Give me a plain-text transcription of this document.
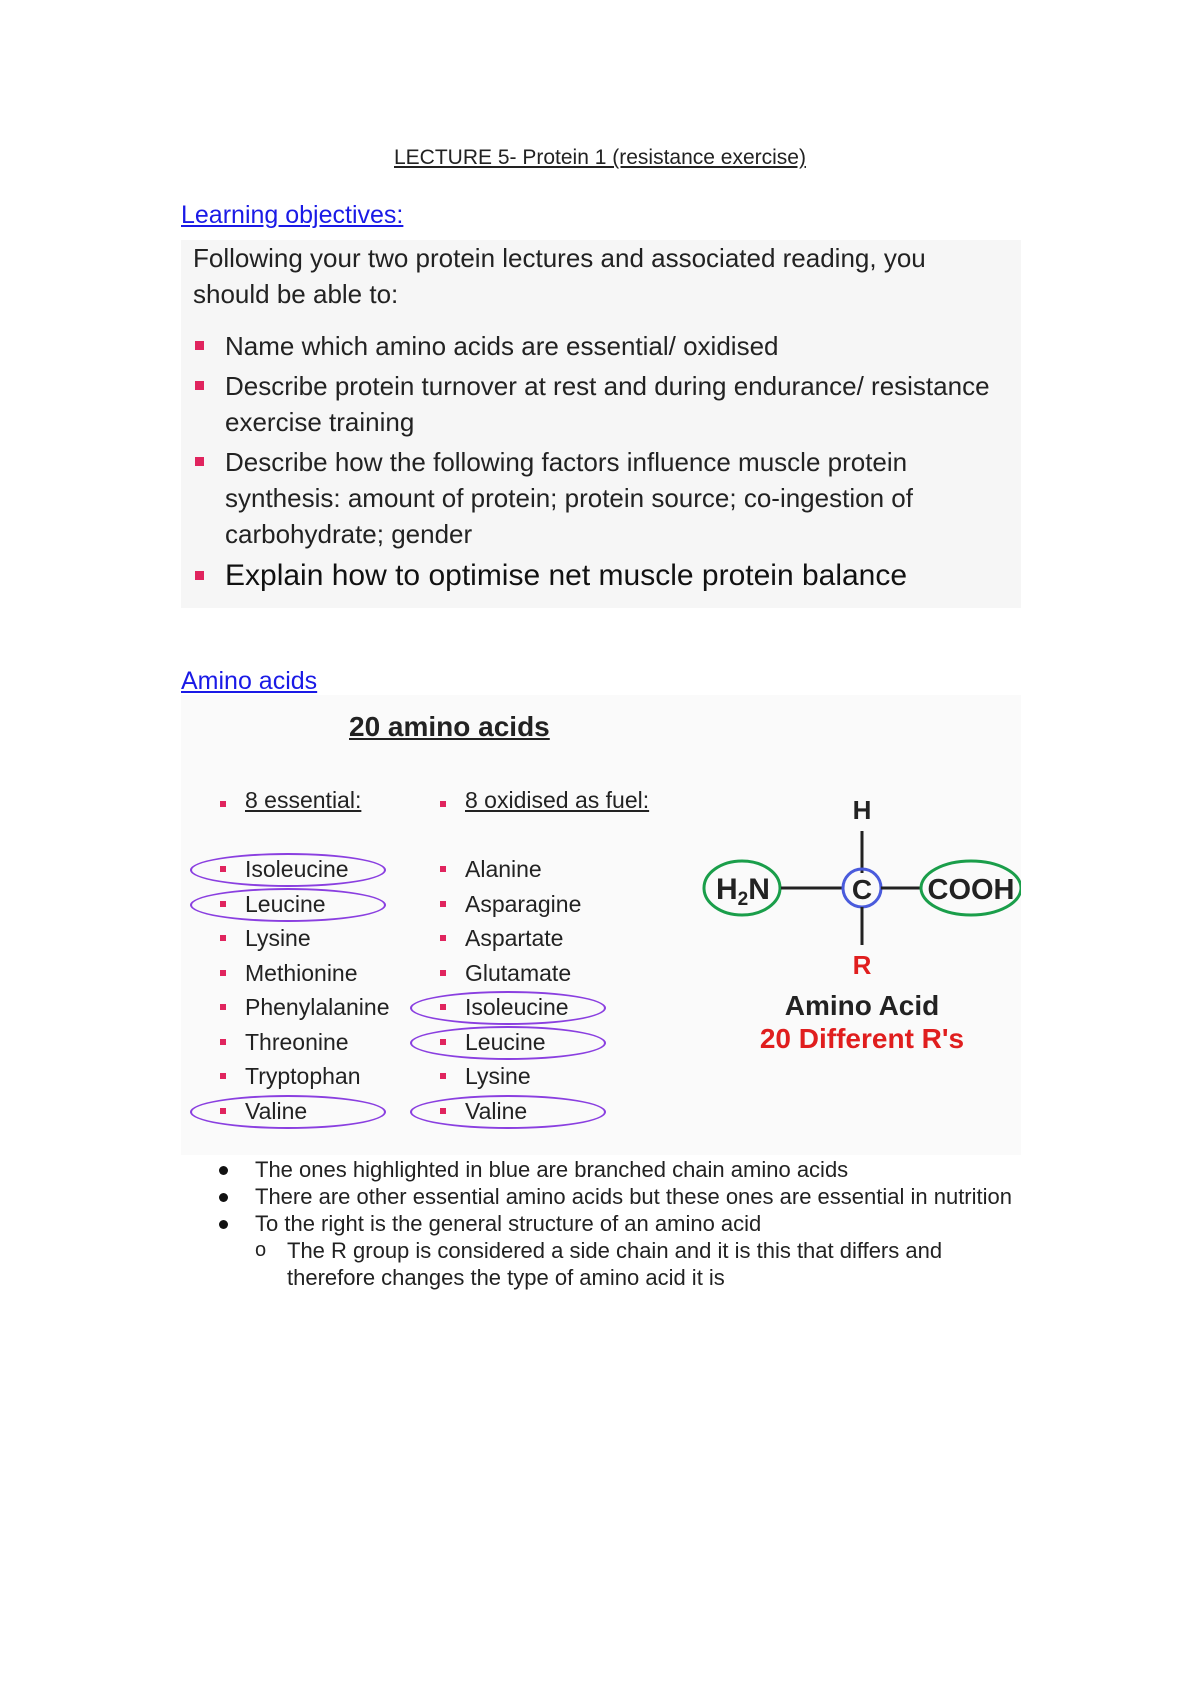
LECTURE 5- Protein 1 (resistance exercise)
Learning objectives:
Following your two protein lectures and associated reading, you should be able to:
Name which amino acids are essential/ oxidised
Describe protein turnover at rest and during endurance/ resistance exercise training
Describe how the following factors influence muscle protein synthesis: amount of protein; protein source; co-ingestion of carbohydrate; gender
Explain how to optimise net muscle protein balance
Amino acids
20 amino acids
8 essential:	8 oxidised as fuel:
Isoleucine
Leucine
Lysine
Methionine
Phenylalanine
Threonine
Tryptophan
Valine
Alanine
Asparagine
Aspartate
Glutamate
Isoleucine
Leucine
Lysine
Valine
H
$H_2N$	C COOH
R
Amino Acid
20 Different R's
The ones highlighted in blue are branched chain amino acids
There are other essential amino acids but these ones are essential in nutrition
To the right is the general structure of an amino acid
o The R group is considered a side chain and it is this that differs and therefore changes the type of amino acid it is
